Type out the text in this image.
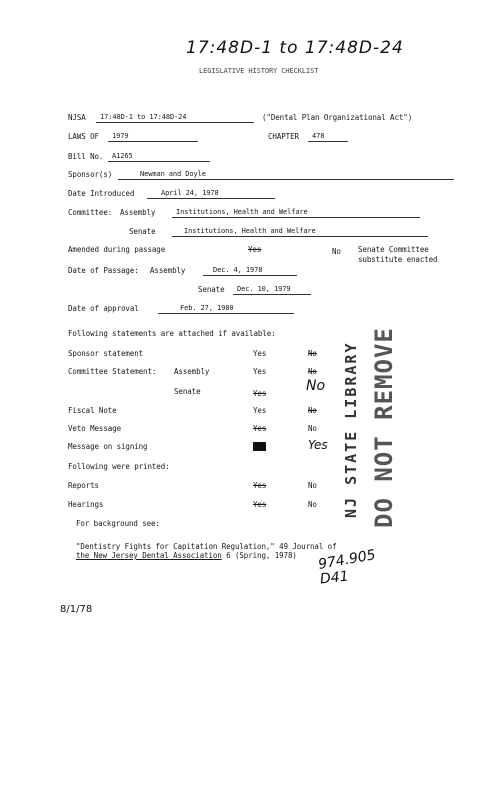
17:48D-1 to 17:48D-24
LEGISLATIVE HISTORY CHECKLIST
NJSA	17:48D-1 to 17:48D-24	("Dental Plan Organizational Act")
LAWS OF	1979	CHAPTER	478
Bill No.	A1265
Sponsor(s)	Newman and Doyle
Date Introduced	April 24, 1978
Committee: Assembly	Institutions, Health and Welfare
Senate	Institutions, Health and Welfare
Amended during passage	Yes	No Senate Committee
substitute enacted
Date of Passage: Assembly	Dec. 4, 1978
Senate	Dec. 10, 1979
Date of approval	Feb. 27, 1980
Following statements are attached if available:
Sponsor statement	Yes	No
Committee Statement: Assembly	Yes	No
Senate	Yes	No
Fiscal Note	Yes	No
Veto Message	Yes	No
Message on signing	Yes	Yes
Following were printed:
Reports	Yes	No
Hearings	Yes	No
For background see:
"Dentistry Fights for Capitation Regulation," 49 Journal of
the New Jersey Dental Association 6 (Spring, 1978) 974.905
D41
8/1/78
NJ STATE LIBRARY DO NOT REMOVE
